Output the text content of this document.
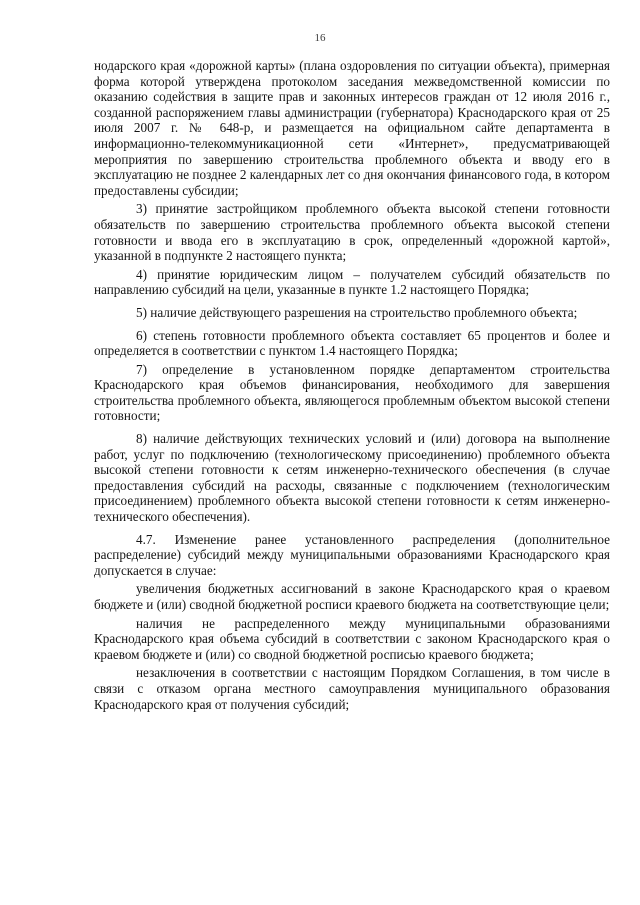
16

нодарского края «дорожной карты» (плана оздоровления по ситуации объекта), примерная форма которой утверждена протоколом заседания межведомственной комиссии по оказанию содействия в защите прав и законных интересов граждан от 12 июля 2016 г., созданной распоряжением главы администрации (губернатора) Краснодарского края от 25 июля 2007 г. № 648-р, и размещается на официальном сайте департамента в информационно-телекоммуникационной сети «Интернет», предусматривающей мероприятия по завершению строительства проблемного объекта и вводу его в эксплуатацию не позднее 2 календарных лет со дня окончания финансового года, в котором предоставлены субсидии;

3) принятие застройщиком проблемного объекта высокой степени готовности обязательств по завершению строительства проблемного объекта высокой степени готовности и ввода его в эксплуатацию в срок, определенный «дорожной картой», указанной в подпункте 2 настоящего пункта;

4) принятие юридическим лицом – получателем субсидий обязательств по направлению субсидий на цели, указанные в пункте 1.2 настоящего Порядка;

5) наличие действующего разрешения на строительство проблемного объекта;

6) степень готовности проблемного объекта составляет 65 процентов и более и определяется в соответствии с пунктом 1.4 настоящего Порядка;

7) определение в установленном порядке департаментом строительства Краснодарского края объемов финансирования, необходимого для завершения строительства проблемного объекта, являющегося проблемным объектом высокой степени готовности;

8) наличие действующих технических условий и (или) договора на выполнение работ, услуг по подключению (технологическому присоединению) проблемного объекта высокой степени готовности к сетям инженерно-технического обеспечения (в случае предоставления субсидий на расходы, связанные с подключением (технологическим присоединением) проблемного объекта высокой степени готовности к сетям инженерно-технического обеспечения).

4.7. Изменение ранее установленного распределения (дополнительное распределение) субсидий между муниципальными образованиями Краснодарского края допускается в случае:

увеличения бюджетных ассигнований в законе Краснодарского края о краевом бюджете и (или) сводной бюджетной росписи краевого бюджета на соответствующие цели;

наличия не распределенного между муниципальными образованиями Краснодарского края объема субсидий в соответствии с законом Краснодарского края о краевом бюджете и (или) со сводной бюджетной росписью краевого бюджета;

незаключения в соответствии с настоящим Порядком Соглашения, в том числе в связи с отказом органа местного самоуправления муниципального образования Краснодарского края от получения субсидий;
